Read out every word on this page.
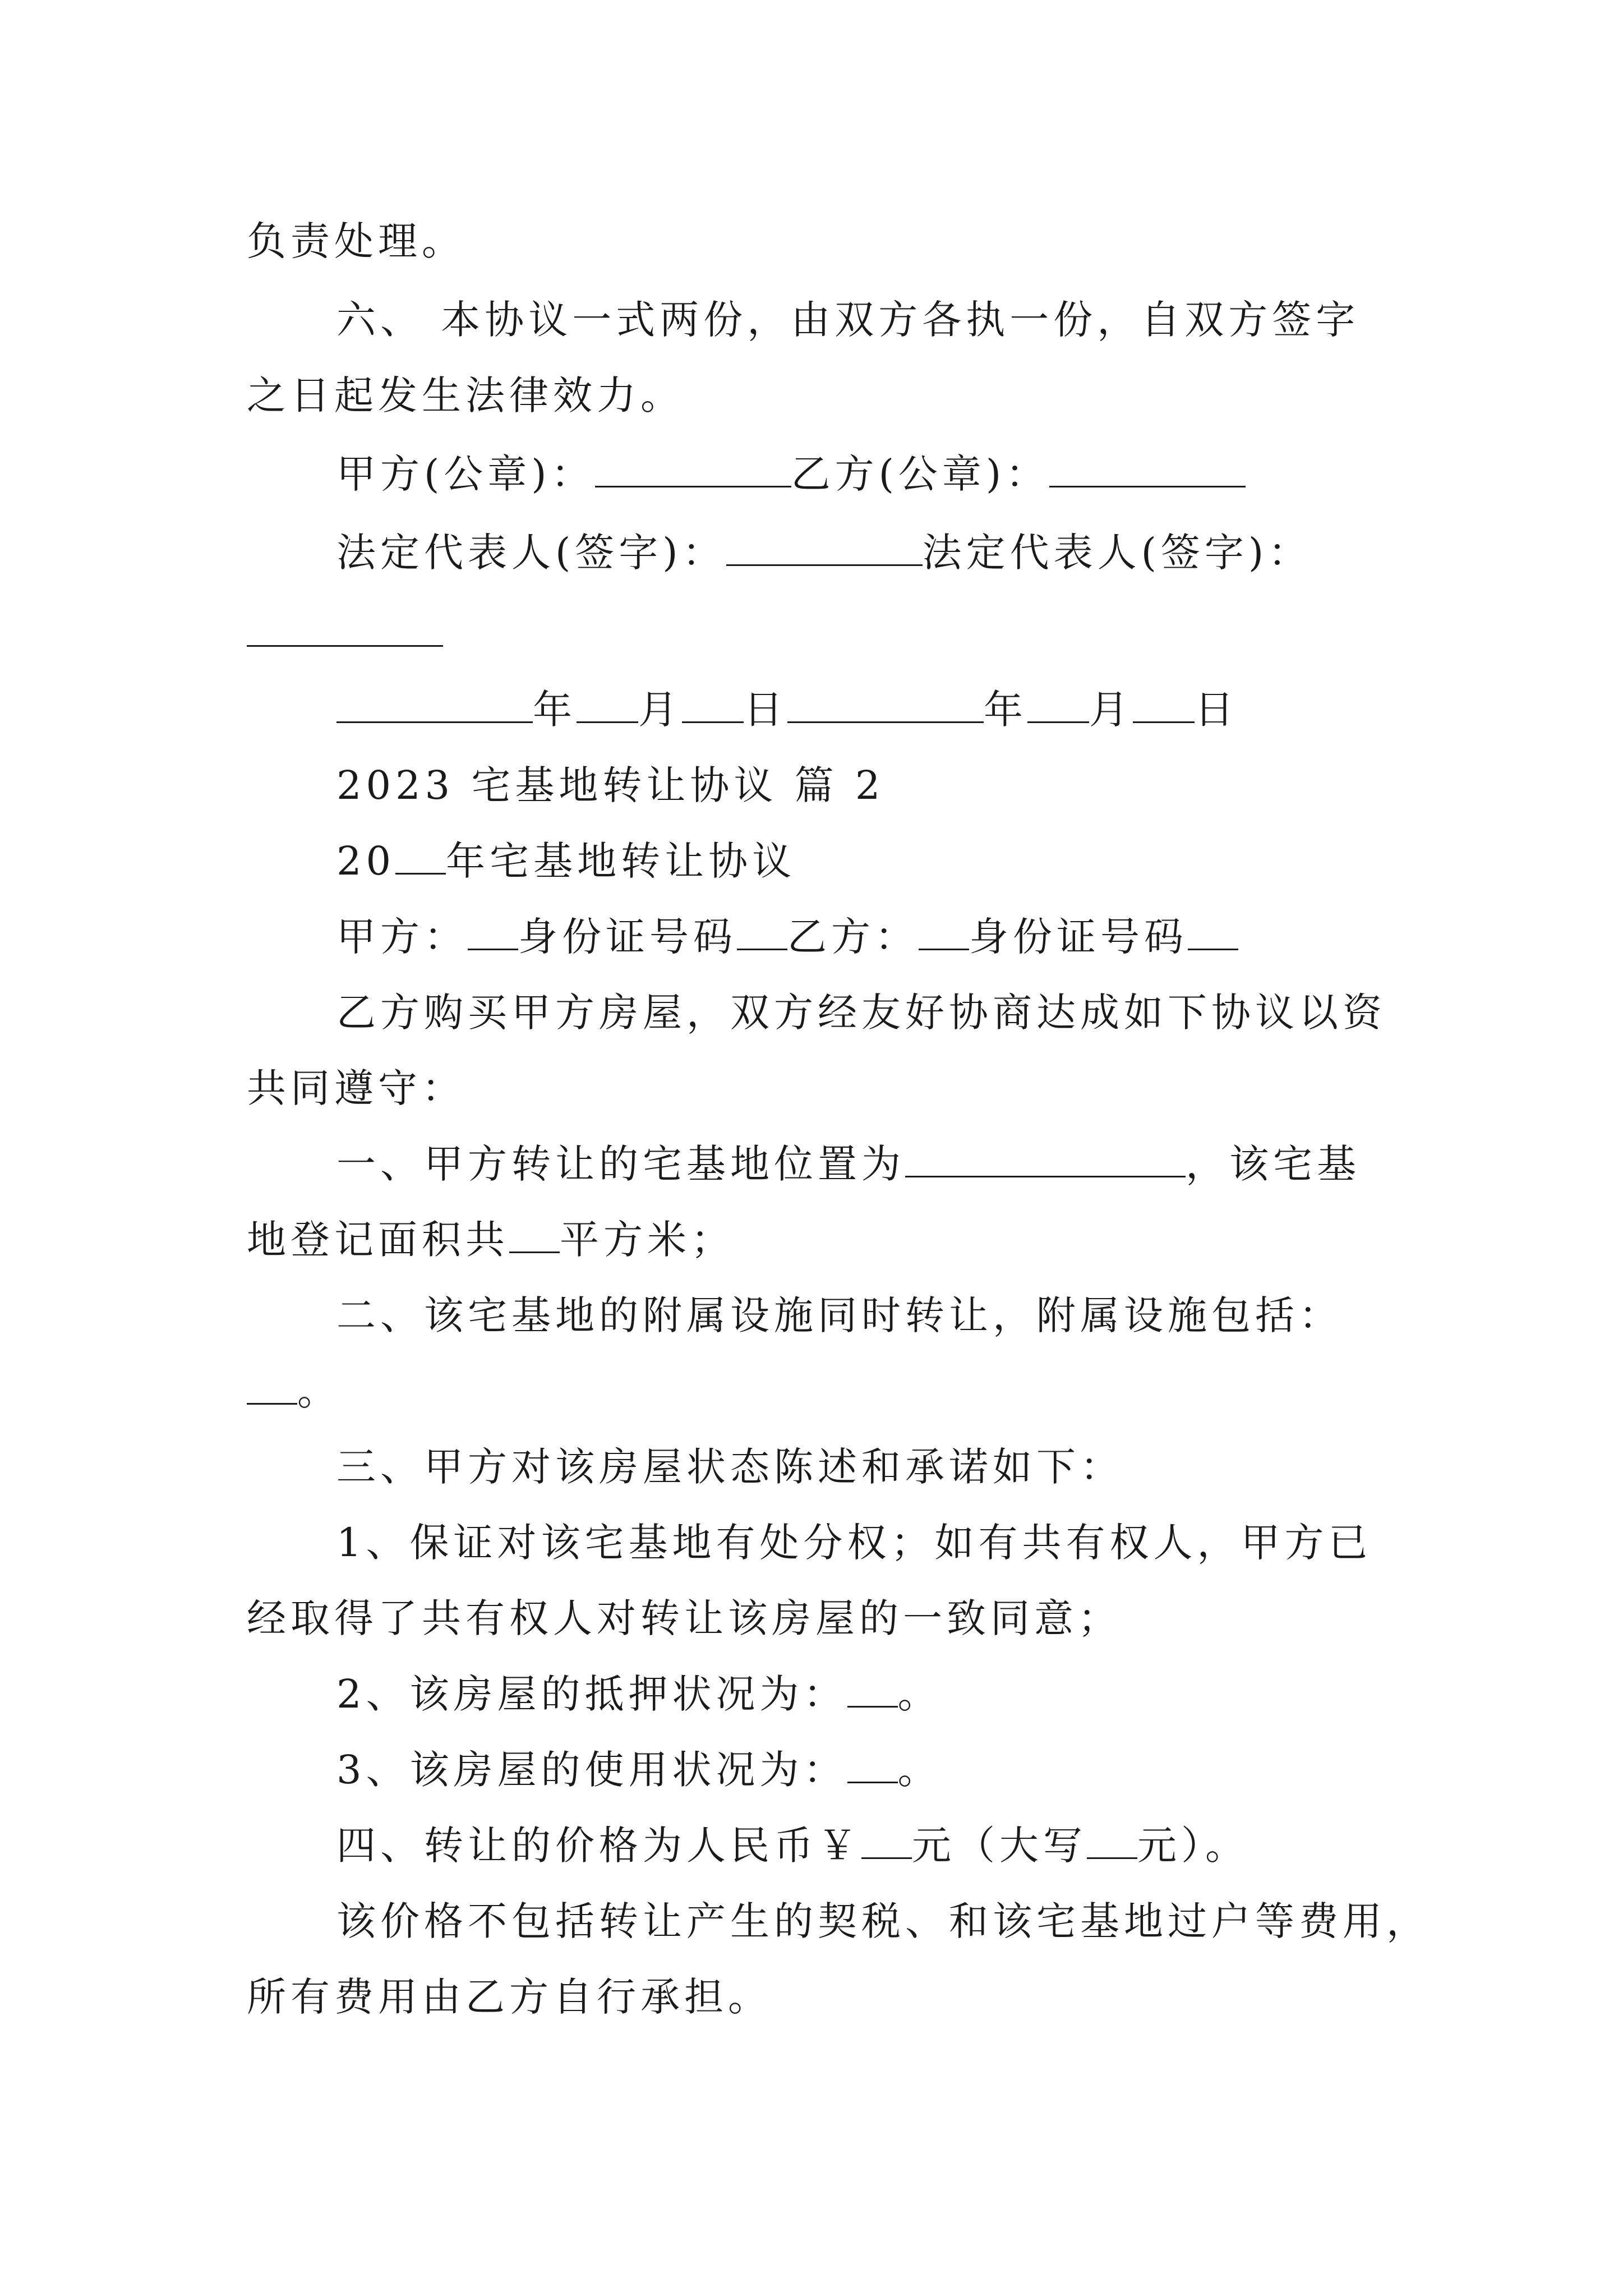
负责处理。
六、 本协议一式两份，由双方各执一份，自双方签字
之日起发生法律效力。
甲方(公章)：	乙方(公章)：
法定代表人(签字)：	法定代表人(签字)：
年 月 日	年 月 日
2023 宅基地转让协议 篇 2
20 年宅基地转让协议
甲方： 身份证号码 乙方： 身份证号码
乙方购买甲方房屋，双方经友好协商达成如下协议以资
共同遵守：
一、甲方转让的宅基地位置为	，该宅基
地登记面积共 平方米；
二、该宅基地的附属设施同时转让，附属设施包括：
。
三、甲方对该房屋状态陈述和承诺如下：
1、保证对该宅基地有处分权；如有共有权人，甲方已
经取得了共有权人对转让该房屋的一致同意；
2、该房屋的抵押状况为： 。
3、该房屋的使用状况为： 。
四、转让的价格为人民币￥ 元（大写 元）。
该价格不包括转让产生的契税、和该宅基地过户等费用，
所有费用由乙方自行承担。
